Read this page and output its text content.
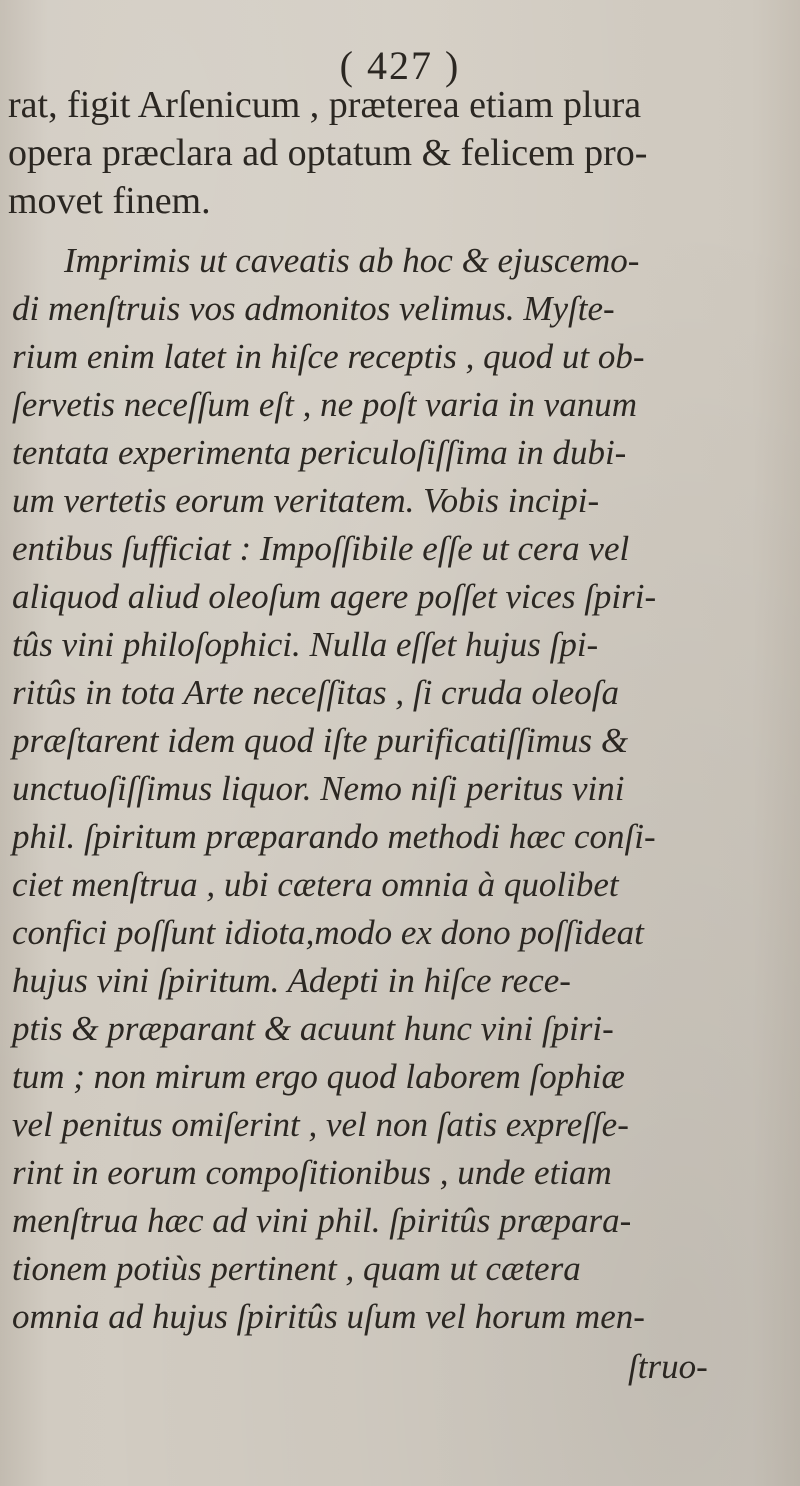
( 427 )
rat, figit Arſenicum , præterea etiam plura
opera præclara ad optatum & felicem pro-
movet finem.
Imprimis ut caveatis ab hoc & ejuscemo-
di menſtruis vos admonitos velimus. Myſte-
rium enim latet in hiſce receptis , quod ut ob-
ſervetis neceſſum eſt , ne poſt varia in vanum
tentata experimenta periculoſiſſima in dubi-
um vertetis eorum veritatem. Vobis incipi-
entibus ſufficiat : Impoſſibile eſſe ut cera vel
aliquod aliud oleoſum agere poſſet vices ſpiri-
tûs vini philoſophici. Nulla eſſet hujus ſpi-
ritûs in tota Arte neceſſitas , ſi cruda oleoſa
præſtarent idem quod iſte purificatiſſimus &
unctuoſiſſimus liquor. Nemo niſi peritus vini
phil. ſpiritum præparando methodi hæc conſi-
ciet menſtrua , ubi cætera omnia à quolibet
confici poſſunt idiota,modo ex dono poſſideat
hujus vini ſpiritum. Adepti in hiſce rece-
ptis & præparant & acuunt hunc vini ſpiri-
tum ; non mirum ergo quod laborem ſophiæ
vel penitus omiſerint , vel non ſatis expreſſe-
rint in eorum compoſitionibus , unde etiam
menſtrua hæc ad vini phil. ſpiritûs præpara-
tionem potiùs pertinent , quam ut cætera
omnia ad hujus ſpiritûs uſum vel horum men-
ſtruo-
